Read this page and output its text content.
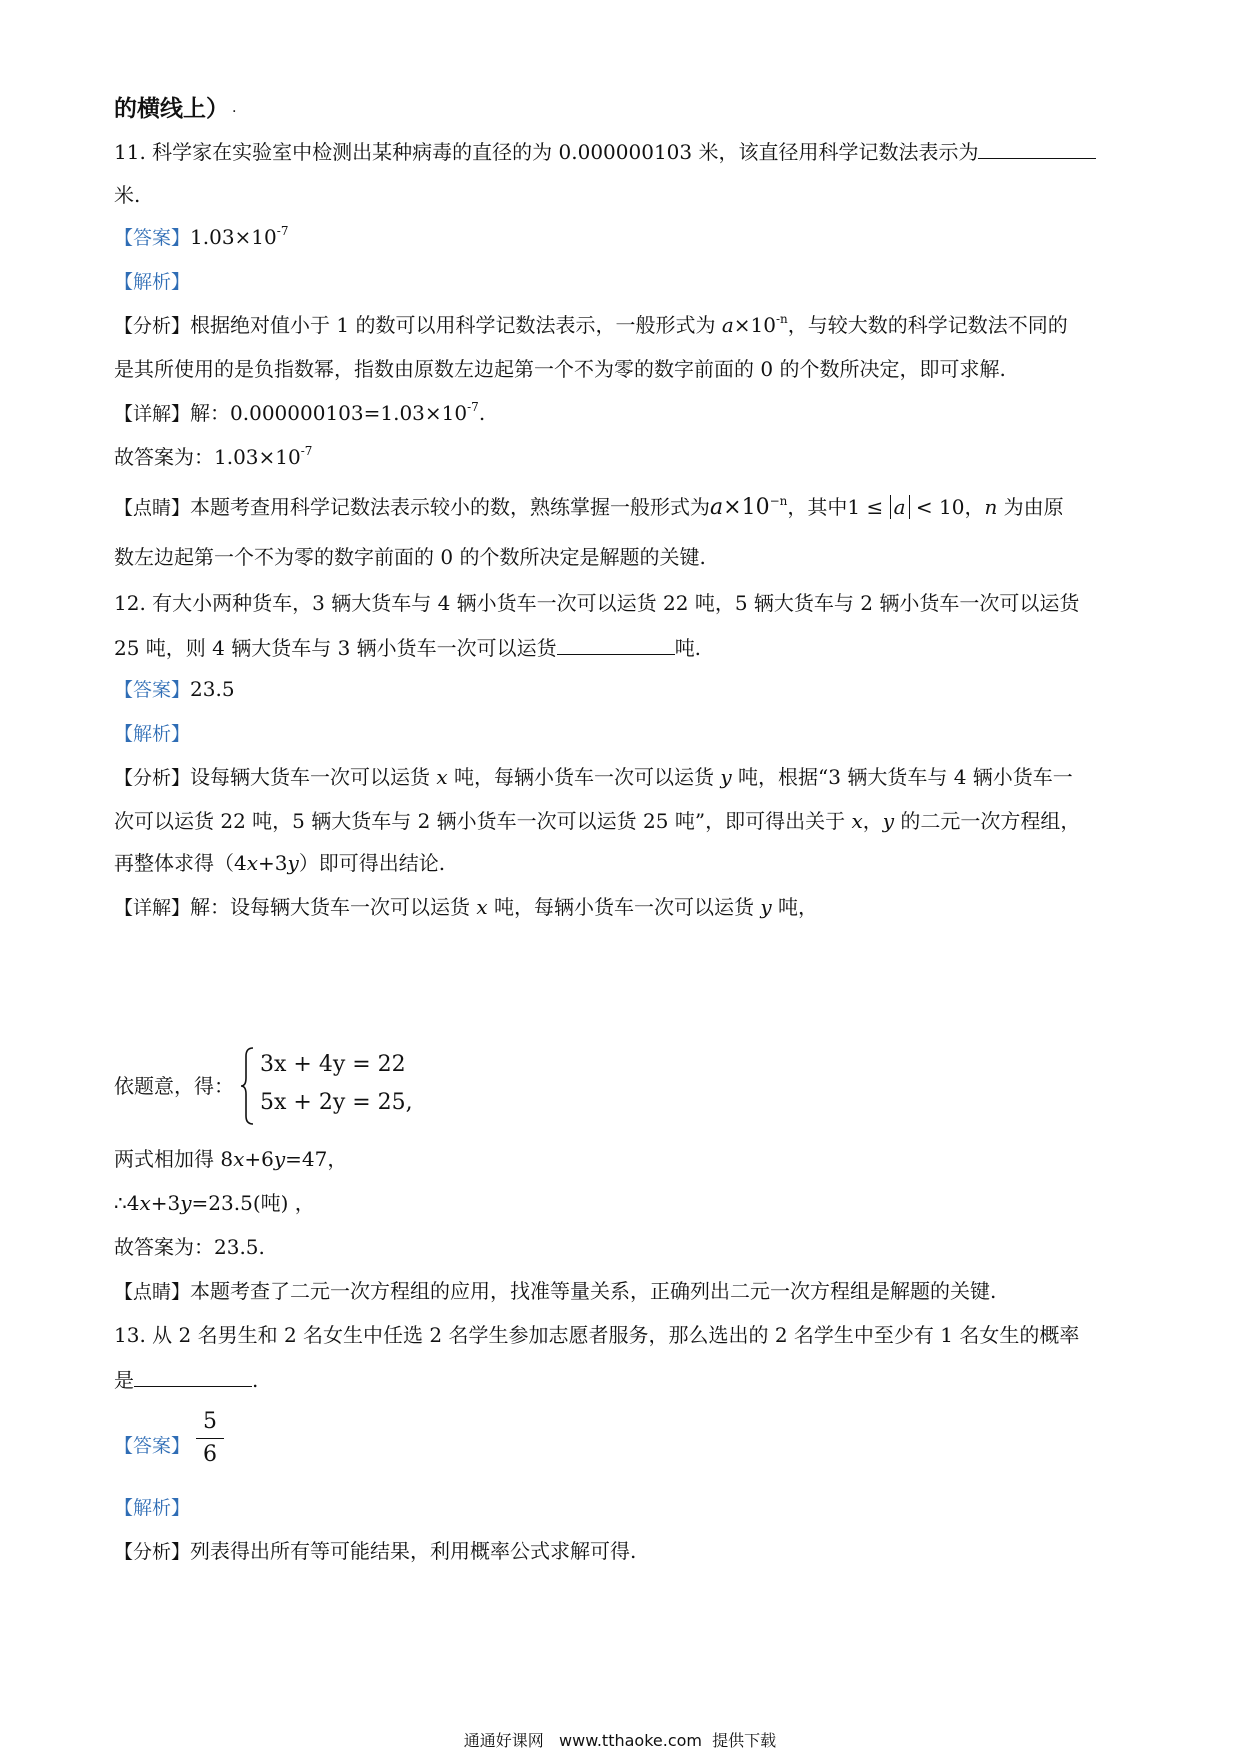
的横线上） .
11. 科学家在实验室中检测出某种病毒的直径的为 0.000000103 米，该直径用科学记数法表示为
米.
【答案】$1.03\times 10^{-7}$
【解析】
【分析】根据绝对值小于 1 的数可以用科学记数法表示，一般形式为 $a\times 10^{-n}$，与较大数的科学记数法不同的
是其所使用的是负指数幂，指数由原数左边起第一个不为零的数字前面的 0 的个数所决定，即可求解.
【详解】解：$0.000000103=1.03\times 10^{-7}$.
故答案为：$1.03\times 10^{-7}$
【点睛】本题考查用科学记数法表示较小的数，熟练掌握一般形式为$a\times 10^{-n}$，其中1 ≤ a < 10，n 为由原
数左边起第一个不为零的数字前面的 0 的个数所决定是解题的关键.
12. 有大小两种货车，3 辆大货车与 4 辆小货车一次可以运货 22 吨，5 辆大货车与 2 辆小货车一次可以运货
25 吨，则 4 辆大货车与 3 辆小货车一次可以运货	吨.
【答案】23.5
【解析】
【分析】设每辆大货车一次可以运货 x 吨，每辆小货车一次可以运货 y 吨，根据“3 辆大货车与 4 辆小货车一
次可以运货 22 吨，5 辆大货车与 2 辆小货车一次可以运货 25 吨”，即可得出关于 x，y 的二元一次方程组，
再整体求得（4x+3y）即可得出结论.
【详解】解：设每辆大货车一次可以运货 x 吨，每辆小货车一次可以运货 y 吨，
依题意，得：
3x + 4y = 22
5x + 2y = 25,
两式相加得 8x+6y=47，
∴4x+3y=23.5(吨) ，
故答案为：23.5.
【点睛】本题考查了二元一次方程组的应用，找准等量关系，正确列出二元一次方程组是解题的关键.
13. 从 2 名男生和 2 名女生中任选 2 名学生参加志愿者服务，那么选出的 2 名学生中至少有 1 名女生的概率
是	.
【答案】
5
6
【解析】
【分析】列表得出所有等可能结果，利用概率公式求解可得.
通通好课网   www.tthaoke.com  提供下载
